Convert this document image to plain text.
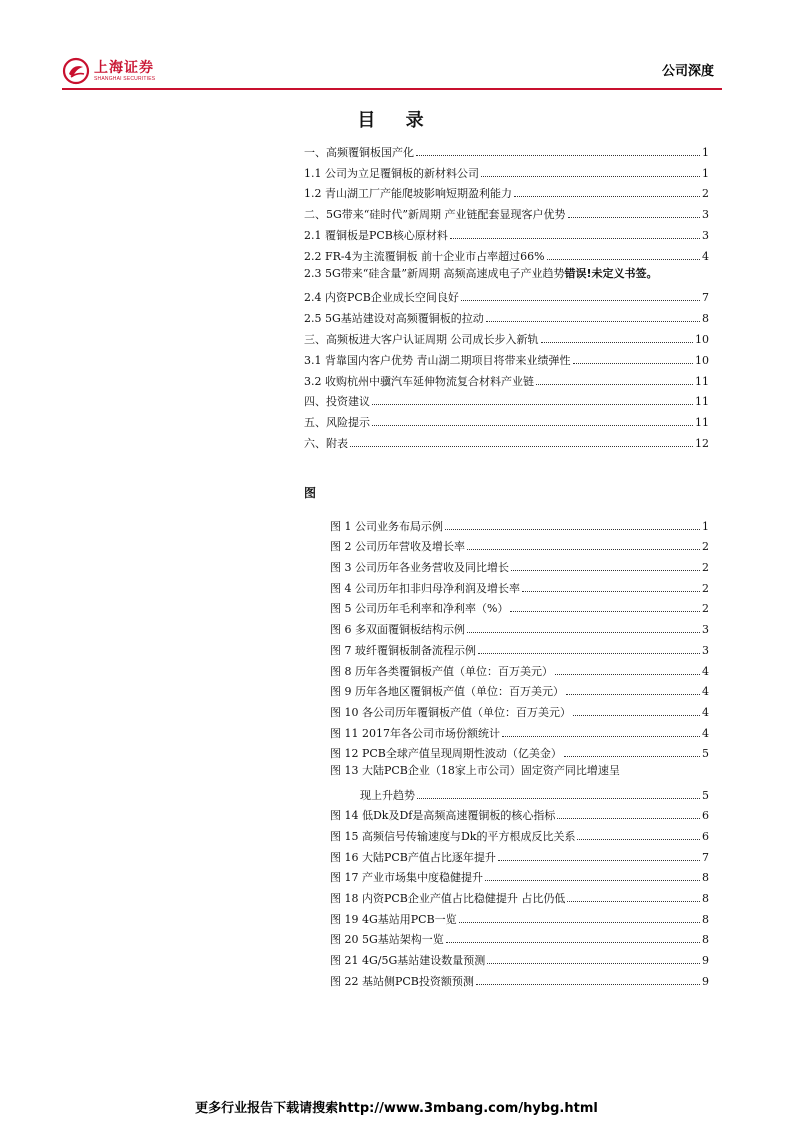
上海证券
SHANGHAI SECURITIES	公司深度
目 录
一、高频覆铜板国产化	1
1.1 公司为立足覆铜板的新材料公司	1
1.2 青山湖工厂产能爬坡影响短期盈利能力	2
二、5G带来“硅时代”新周期 产业链配套显现客户优势	3
2.1 覆铜板是PCB核心原材料	3
2.2 FR-4为主流覆铜板 前十企业市占率超过66%	4
2.3 5G带来“硅含量”新周期 高频高速成电子产业趋势错误!未定义书签。
2.4 内资PCB企业成长空间良好	7
2.5 5G基站建设对高频覆铜板的拉动	8
三、高频板进大客户认证周期 公司成长步入新轨	10
3.1 背靠国内客户优势 青山湖二期项目将带来业绩弹性	10
3.2 收购杭州中骥汽车延伸物流复合材料产业链	11
四、投资建议	11
五、风险提示	11
六、附表	12
图
图 1 公司业务布局示例	1
图 2 公司历年营收及增长率	2
图 3 公司历年各业务营收及同比增长	2
图 4 公司历年扣非归母净利润及增长率	2
图 5 公司历年毛利率和净利率（%）	2
图 6 多双面覆铜板结构示例	3
图 7 玻纤覆铜板制备流程示例	3
图 8 历年各类覆铜板产值（单位：百万美元）	4
图 9 历年各地区覆铜板产值（单位：百万美元）	4
图 10 各公司历年覆铜板产值（单位：百万美元）	4
图 11 2017年各公司市场份额统计	4
图 12 PCB全球产值呈现周期性波动（亿美金）	5
图 13 大陆PCB企业（18家上市公司）固定资产同比增速呈
现上升趋势	5
图 14 低Dk及Df是高频高速覆铜板的核心指标	6
图 15 高频信号传输速度与Dk的平方根成反比关系	6
图 16 大陆PCB产值占比逐年提升	7
图 17 产业市场集中度稳健提升	8
图 18 内资PCB企业产值占比稳健提升 占比仍低	8
图 19 4G基站用PCB一览	8
图 20 5G基站架构一览	8
图 21 4G/5G基站建设数量预测	9
图 22 基站侧PCB投资额预测	9
更多行业报告下载请搜索http://www.3mbang.com/hybg.html
